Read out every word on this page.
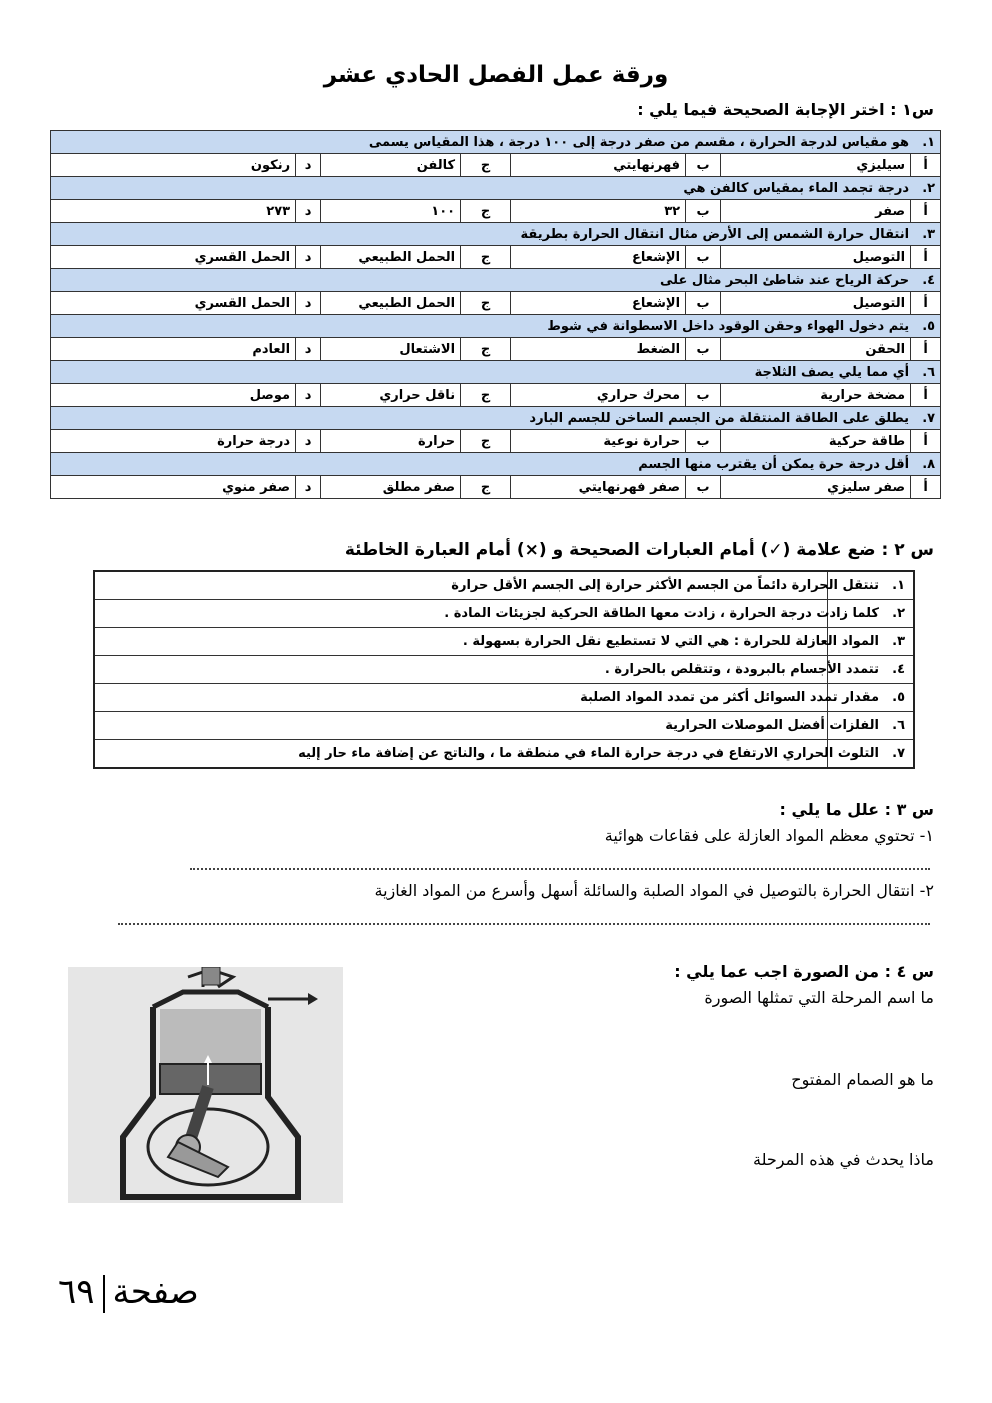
ورقة عمل الفصل الحادي عشر
س١ : اختر الإجابة الصحيحة فيما يلي :
١.هو مقياس لدرجة الحرارة ، مقسم من صفر درجة إلى ١٠٠ درجة ، هذا المقياس يسمى							
أ	سيليزي	ب	فهرنهايتي	ج	كالفن	د	رنكون
٢.درجة تجمد الماء بمقياس كالفن هي							
أ	صفر	ب	٣٢	ج	١٠٠	د	٢٧٣
٣.انتقال حرارة الشمس إلى الأرض مثال انتقال الحرارة بطريقة							
أ	التوصيل	ب	الإشعاع	ج	الحمل الطبيعي	د	الحمل القسري
٤.حركة الرياح عند شاطئ البحر مثال على							
أ	التوصيل	ب	الإشعاع	ج	الحمل الطبيعي	د	الحمل القسري
٥.يتم دخول الهواء وحقن الوقود داخل الاسطوانة في شوط							
أ	الحقن	ب	الضغط	ج	الاشتعال	د	العادم
٦.أي مما يلي يصف الثلاجة							
أ	مضخة حرارية	ب	محرك حراري	ج	ناقل حراري	د	موصل
٧.يطلق على الطاقة المنتقلة من الجسم الساخن للجسم البارد							
أ	طاقة حركية	ب	حرارة نوعية	ج	حرارة	د	درجة حرارة
٨.أقل درجة حرة يمكن أن يقترب منها الجسم							
أ	صفر سليزي	ب	صفر فهرنهايتي	ج	صفر مطلق	د	صفر منوي
س ٢ : ضع علامة (✓) أمام العبارات الصحيحة و (×) أمام العبارة الخاطئة
١.تنتقل الحرارة دائماً من الجسم الأكثر حرارة إلى الجسم الأقل حرارة	
٢.كلما زادت درجة الحرارة ، زادت معها الطاقة الحركية لجزيئات المادة .	
٣.المواد العازلة للحرارة : هي التي لا تستطيع نقل الحرارة بسهولة .	
٤.تتمدد الأجسام بالبرودة ، وتتقلص بالحرارة .	
٥.مقدار تمدد السوائل أكثر من تمدد المواد الصلبة	
٦.الفلزات أفضل الموصلات الحرارية	
٧.التلوث الحراري الارتفاع في درجة حرارة الماء في منطقة ما ، والناتج عن إضافة ماء حار إليه	
س ٣ : علل ما يلي :
١- تحتوي معظم المواد العازلة على فقاعات هوائية
٢- انتقال الحرارة بالتوصيل في المواد الصلبة والسائلة أسهل وأسرع من المواد الغازية
س ٤ : من الصورة اجب عما يلي :
ما اسم المرحلة التي تمثلها الصورة
ما هو الصمام المفتوح
ماذا يحدث في هذه المرحلة
صفحة٦٩
